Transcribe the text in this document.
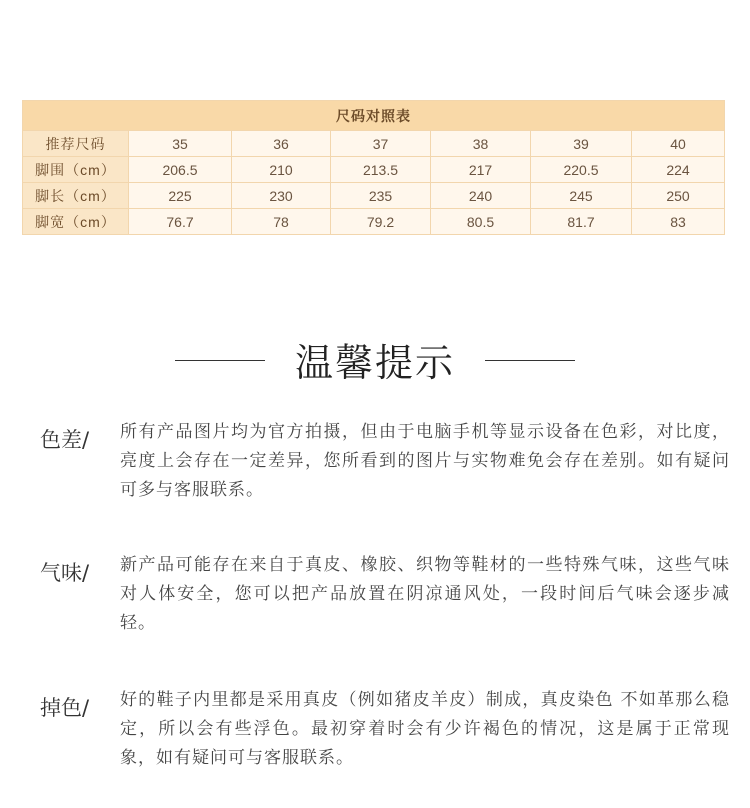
尺码对照表						
推荐尺码	35	36	37	38	39	40
脚围（cm）	206.5	210	213.5	217	220.5	224
脚长（cm）	225	230	235	240	245	250
脚宽（cm）	76.7	78	79.2	80.5	81.7	83
温馨提示
色差/	所有产品图片均为官方拍摄，但由于电脑手机等显示设备在色彩，对比度，亮度上会存在一定差异，您所看到的图片与实物难免会存在差别。如有疑问可多与客服联系。
气味/	新产品可能存在来自于真皮、橡胶、织物等鞋材的一些特殊气味，这些气味对人体安全，您可以把产品放置在阴凉通风处，一段时间后气味会逐步减轻。
掉色/	好的鞋子内里都是采用真皮（例如猪皮羊皮）制成，真皮染色 不如革那么稳定，所以会有些浮色。最初穿着时会有少许褐色的情况，这是属于正常现象，如有疑问可与客服联系。
